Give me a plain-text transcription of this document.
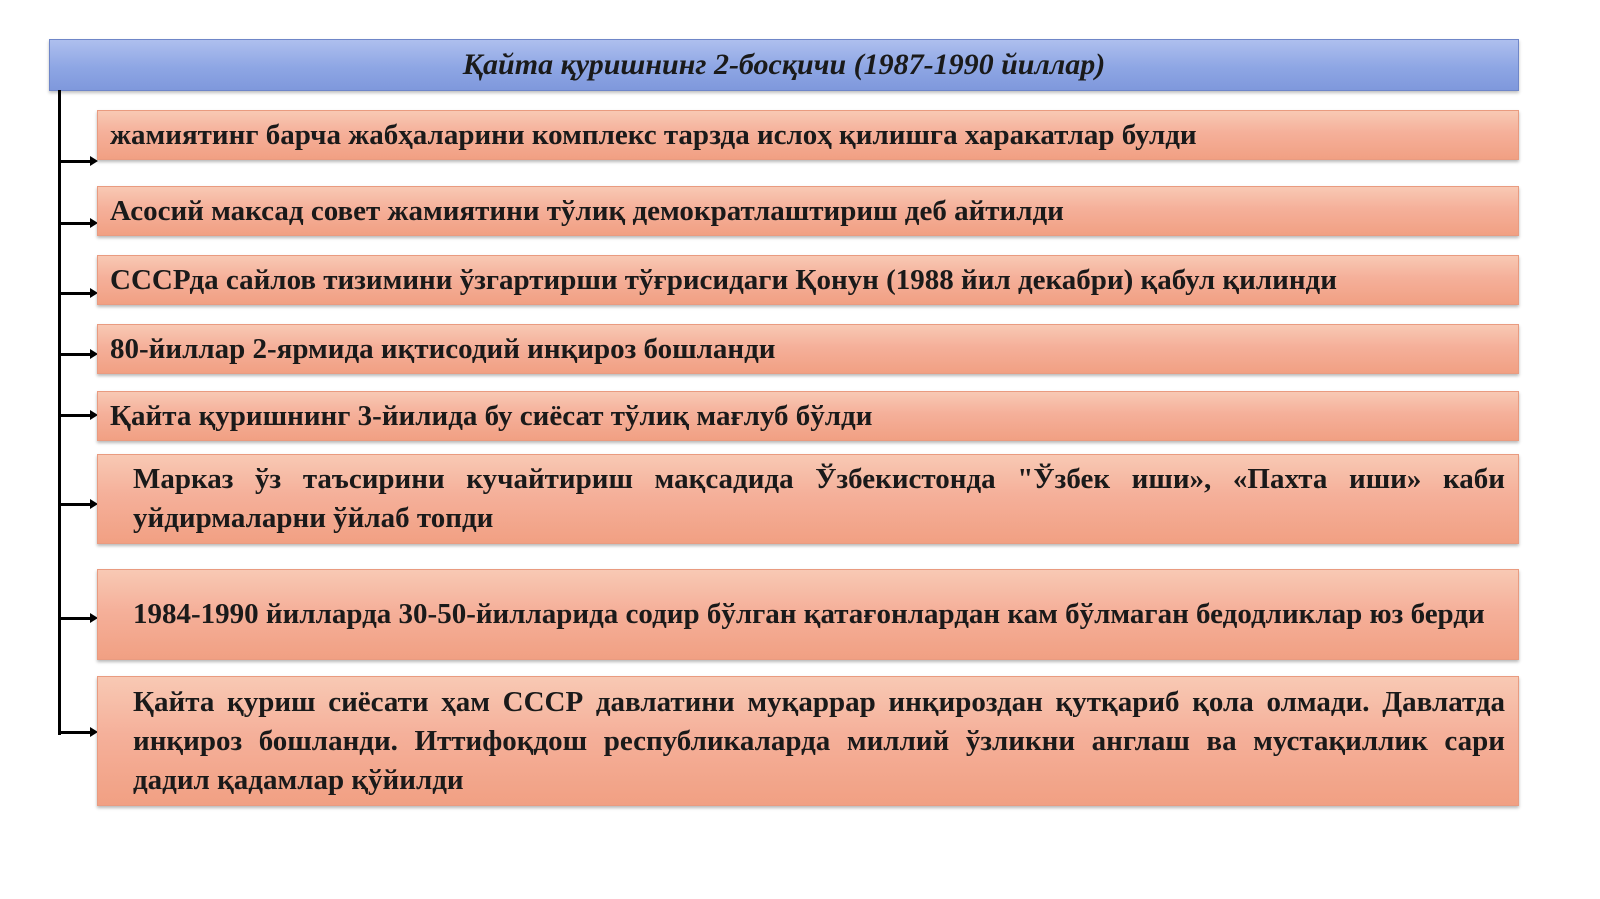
Қайта қуришнинг 2-босқичи (1987-1990 йиллар)
жамиятинг барча жабҳаларини комплекс тарзда ислоҳ қилишга харакатлар булди
Асосий максад совет жамиятини тўлиқ демократлаштириш деб айтилди
СССРда сайлов тизимини ўзгартирши тўғрисидаги Қонун (1988 йил декабри) қабул қилинди
80-йиллар 2-ярмида иқтисодий инқироз бошланди
Қайта қуришнинг 3-йилида бу сиёсат тўлиқ мағлуб бўлди
Марказ ўз таъсирини кучайтириш мақсадида Ўзбекистонда "Ўзбек иши», «Пахта иши» каби уйдирмаларни ўйлаб топди
1984-1990 йилларда 30-50-йилларида содир бўлган қатағонлардан кам бўлмаган бедодликлар юз берди
Қайта қуриш сиёсати ҳам СССР давлатини муқаррар инқироздан қутқариб қола олмади. Давлатда инқироз бошланди. Иттифоқдош республикаларда миллий ўзликни англаш ва мустақиллик сари дадил қадамлар қўйилди
